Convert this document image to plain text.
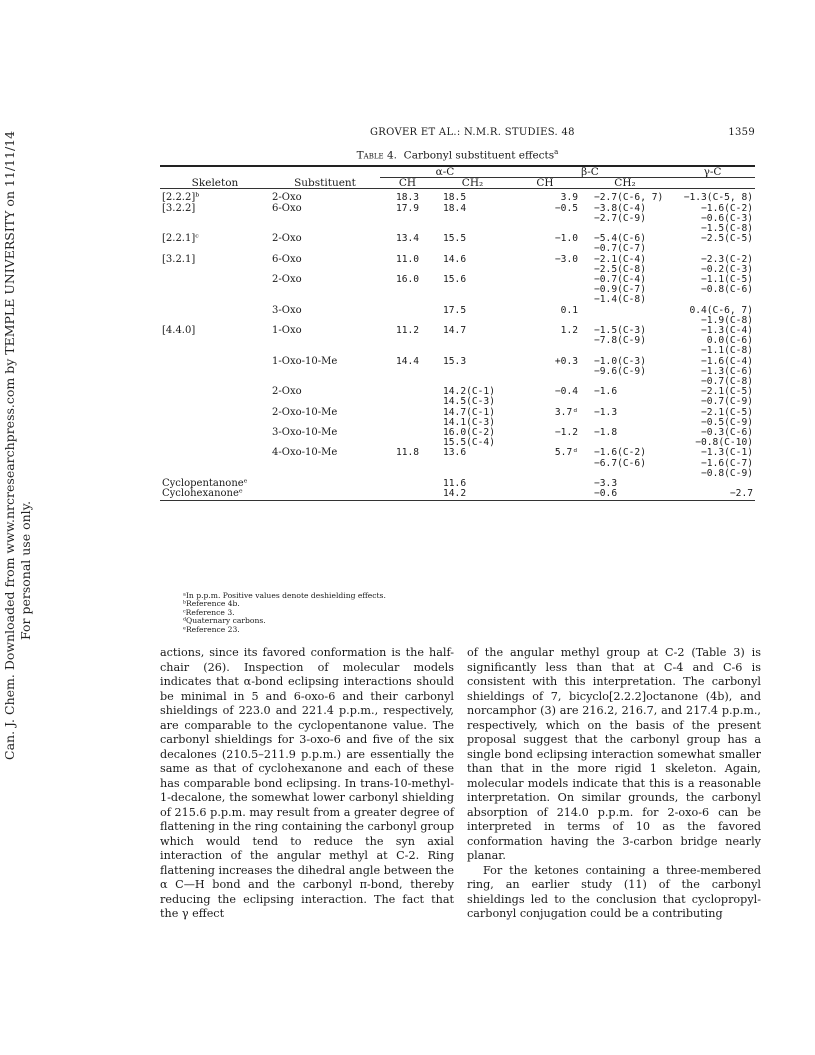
Can. J. Chem. Downloaded from www.nrcresearchpress.com by TEMPLE UNIVERSITY on 11/11/14 For personal use only.
GROVER ET AL.: N.M.R. STUDIES. 48	1359
Table 4. Carbonyl substituent effects$^a$

		α-C		β-C		γ-C
Skeleton	Substituent	CH	CH₂	CH	CH₂	

[2.2.2]ᵇ	2-Oxo	18.3	18.5	3.9	−2.7(C-6, 7)	−1.3(C-5, 8)
[3.2.2]	6-Oxo	17.9	18.4	−0.5	−3.8(C-4)	−1.6(C-2)
					−2.7(C-9)	−0.6(C-3)
						−1.5(C-8)
[2.2.1]ᶜ	2-Oxo	13.4	15.5	−1.0	−5.4(C-6)	−2.5(C-5)
					−0.7(C-7)	
[3.2.1]	6-Oxo	11.0	14.6	−3.0	−2.1(C-4)	−2.3(C-2)
					−2.5(C-8)	−0.2(C-3)
	2-Oxo	16.0	15.6		−0.7(C-4)	−1.1(C-5)
					−0.9(C-7)	−0.8(C-6)
					−1.4(C-8)	
	3-Oxo		17.5	0.1		0.4(C-6, 7)
						−1.9(C-8)
[4.4.0]	1-Oxo	11.2	14.7	1.2	−1.5(C-3)	−1.3(C-4)
					−7.8(C-9)	0.0(C-6)
						−1.1(C-8)
	1-Oxo-10-Me	14.4	15.3	+0.3	−1.0(C-3)	−1.6(C-4)
					−9.6(C-9)	−1.3(C-6)
						−0.7(C-8)
	2-Oxo		14.2(C-1)	−0.4	−1.6	−2.1(C-5)
			14.5(C-3)			−0.7(C-9)
	2-Oxo-10-Me		14.7(C-1)	3.7ᵈ	−1.3	−2.1(C-5)
			14.1(C-3)			−0.5(C-9)
	3-Oxo-10-Me		16.0(C-2)	−1.2	−1.8	−0.3(C-6)
			15.5(C-4)			−0.8(C-10)
	4-Oxo-10-Me	11.8	13.6	5.7ᵈ	−1.6(C-2)	−1.3(C-1)
					−6.7(C-6)	−1.6(C-7)
						−0.8(C-9)
Cyclopentanoneᵉ			11.6		−3.3	
Cyclohexanoneᵉ			14.2		−0.6	−2.7

ᵃIn p.p.m. Positive values denote deshielding effects.
ᵇReference 4b.
ᶜReference 3.
ᵈQuaternary carbons.
ᵉReference 23.

actions, since its favored conformation is the half-chair (26). Inspection of molecular models indicates that α-bond eclipsing interactions should be minimal in 5 and 6-oxo-6 and their carbonyl shieldings of 223.0 and 221.4 p.p.m., respectively, are comparable to the cyclopentanone value. The carbonyl shieldings for 3-oxo-6 and five of the six decalones (210.5–211.9 p.p.m.) are essentially the same as that of cyclohexanone and each of these has comparable bond eclipsing. In trans-10-methyl-1-decalone, the somewhat lower carbonyl shielding of 215.6 p.p.m. may result from a greater degree of flattening in the ring containing the carbonyl group which would tend to reduce the syn axial interaction of the angular methyl at C-2. Ring flattening increases the dihedral angle between the α C—H bond and the carbonyl π-bond, thereby reducing the eclipsing interaction. The fact that the γ effect

of the angular methyl group at C-2 (Table 3) is significantly less than that at C-4 and C-6 is consistent with this interpretation. The carbonyl shieldings of 7, bicyclo[2.2.2]octanone (4b), and norcamphor (3) are 216.2, 216.7, and 217.4 p.p.m., respectively, which on the basis of the present proposal suggest that the carbonyl group has a single bond eclipsing interaction somewhat smaller than that in the more rigid 1 skeleton. Again, molecular models indicate that this is a reasonable interpretation. On similar grounds, the carbonyl absorption of 214.0 p.p.m. for 2-oxo-6 can be interpreted in terms of 10 as the favored conformation having the 3-carbon bridge nearly planar.

For the ketones containing a three-membered ring, an earlier study (11) of the carbonyl shieldings led to the conclusion that cyclopropyl-carbonyl conjugation could be a contributing
